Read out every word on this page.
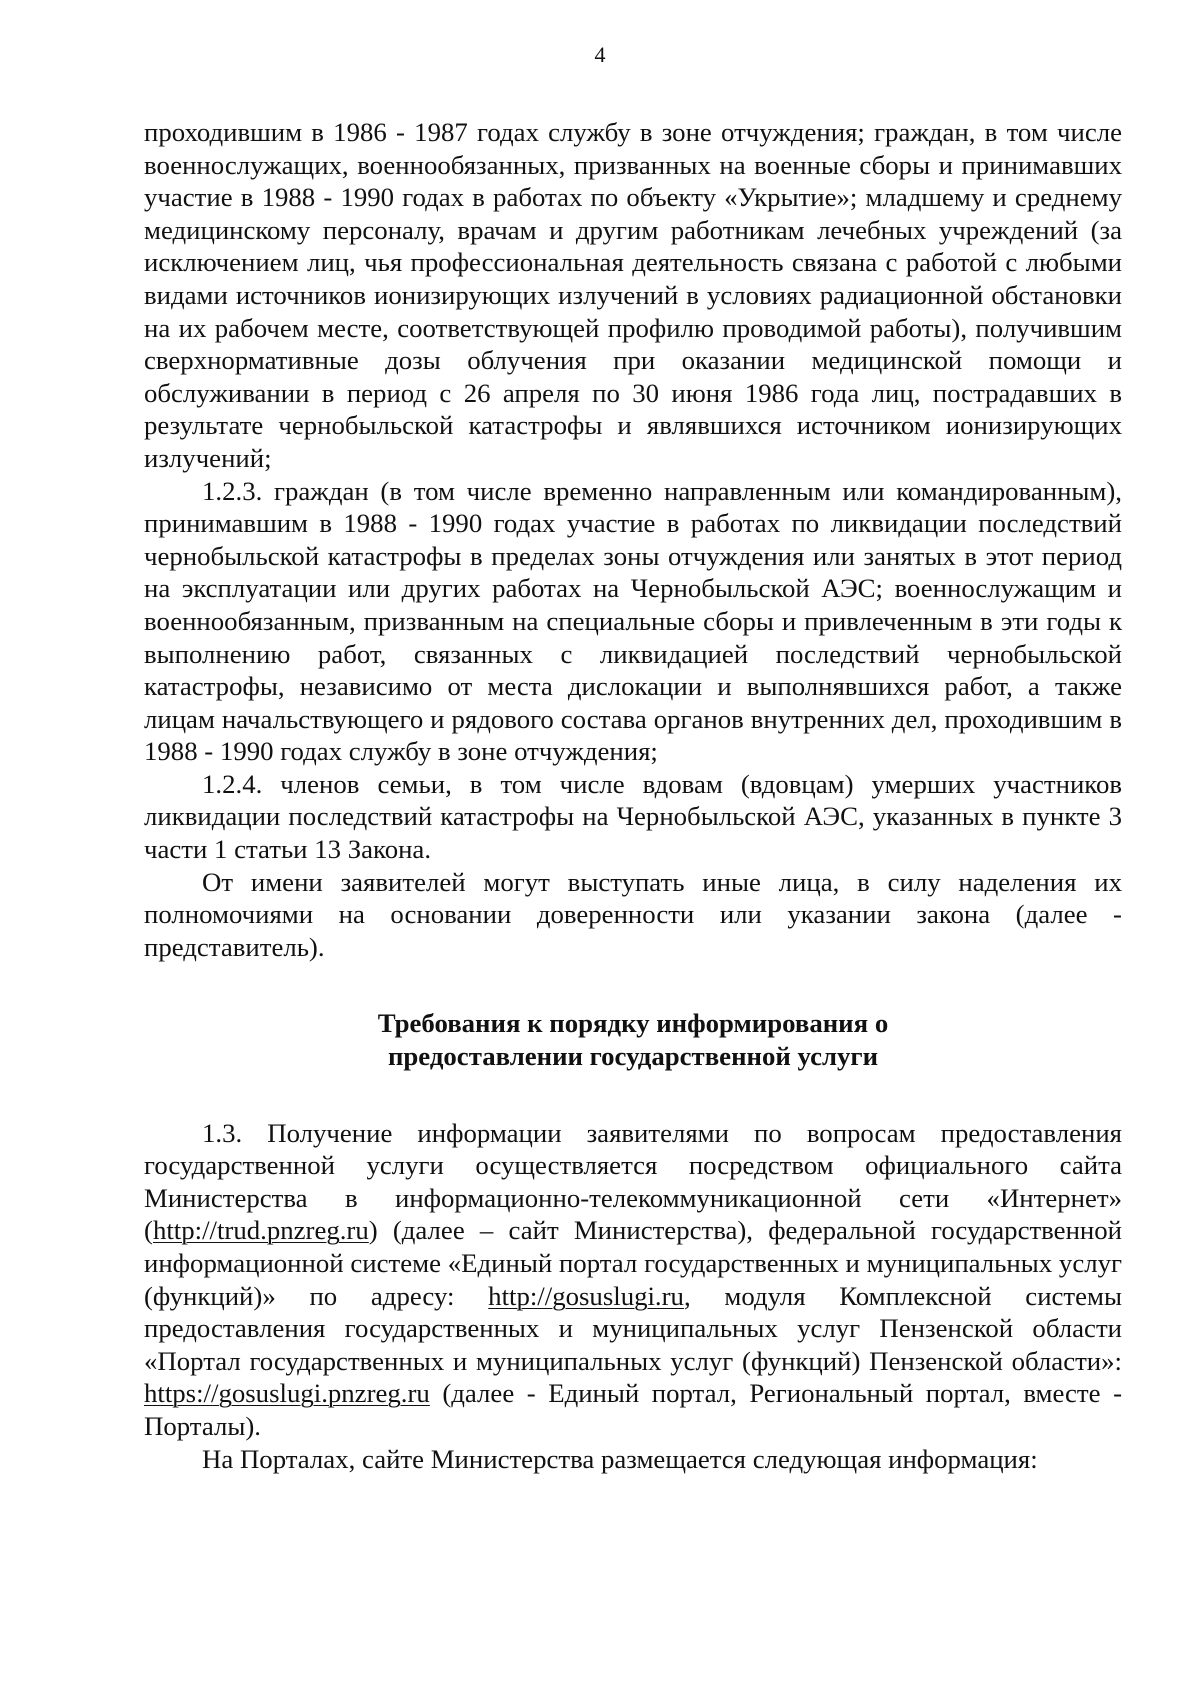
4

проходившим в 1986 - 1987 годах службу в зоне отчуждения; граждан, в том числе военнослужащих, военнообязанных, призванных на военные сборы и принимавших участие в 1988 - 1990 годах в работах по объекту «Укрытие»; младшему и среднему медицинскому персоналу, врачам и другим работникам лечебных учреждений (за исключением лиц, чья профессиональная деятельность связана с работой с любыми видами источников ионизирующих излучений в условиях радиационной обстановки на их рабочем месте, соответствующей профилю проводимой работы), получившим сверхнормативные дозы облучения при оказании медицинской помощи и обслуживании в период с 26 апреля по 30 июня 1986 года лиц, пострадавших в результате чернобыльской катастрофы и являвшихся источником ионизирующих излучений;

1.2.3. граждан (в том числе временно направленным или командированным), принимавшим в 1988 - 1990 годах участие в работах по ликвидации последствий чернобыльской катастрофы в пределах зоны отчуждения или занятых в этот период на эксплуатации или других работах на Чернобыльской АЭС; военнослужащим и военнообязанным, призванным на специальные сборы и привлеченным в эти годы к выполнению работ, связанных с ликвидацией последствий чернобыльской катастрофы, независимо от места дислокации и выполнявшихся работ, а также лицам начальствующего и рядового состава органов внутренних дел, проходившим в 1988 - 1990 годах службу в зоне отчуждения;

1.2.4. членов семьи, в том числе вдовам (вдовцам) умерших участников ликвидации последствий катастрофы на Чернобыльской АЭС, указанных в пункте 3 части 1 статьи 13 Закона.

От имени заявителей могут выступать иные лица, в силу наделения их полномочиями на основании доверенности или указании закона (далее - представитель).

Требования к порядку информирования о
предоставлении государственной услуги

1.3. Получение информации заявителями по вопросам предоставления государственной услуги осуществляется посредством официального сайта Министерства в информационно-телекоммуникационной сети «Интернет» (http://trud.pnzreg.ru) (далее – сайт Министерства), федеральной государственной информационной системе «Единый портал государственных и муниципальных услуг (функций)» по адресу: http://gosuslugi.ru, модуля Комплексной системы предоставления государственных и муниципальных услуг Пензенской области «Портал государственных и муниципальных услуг (функций) Пензенской области»: https://gosuslugi.pnzreg.ru (далее - Единый портал, Региональный портал, вместе - Порталы).

На Порталах, сайте Министерства размещается следующая информация:
